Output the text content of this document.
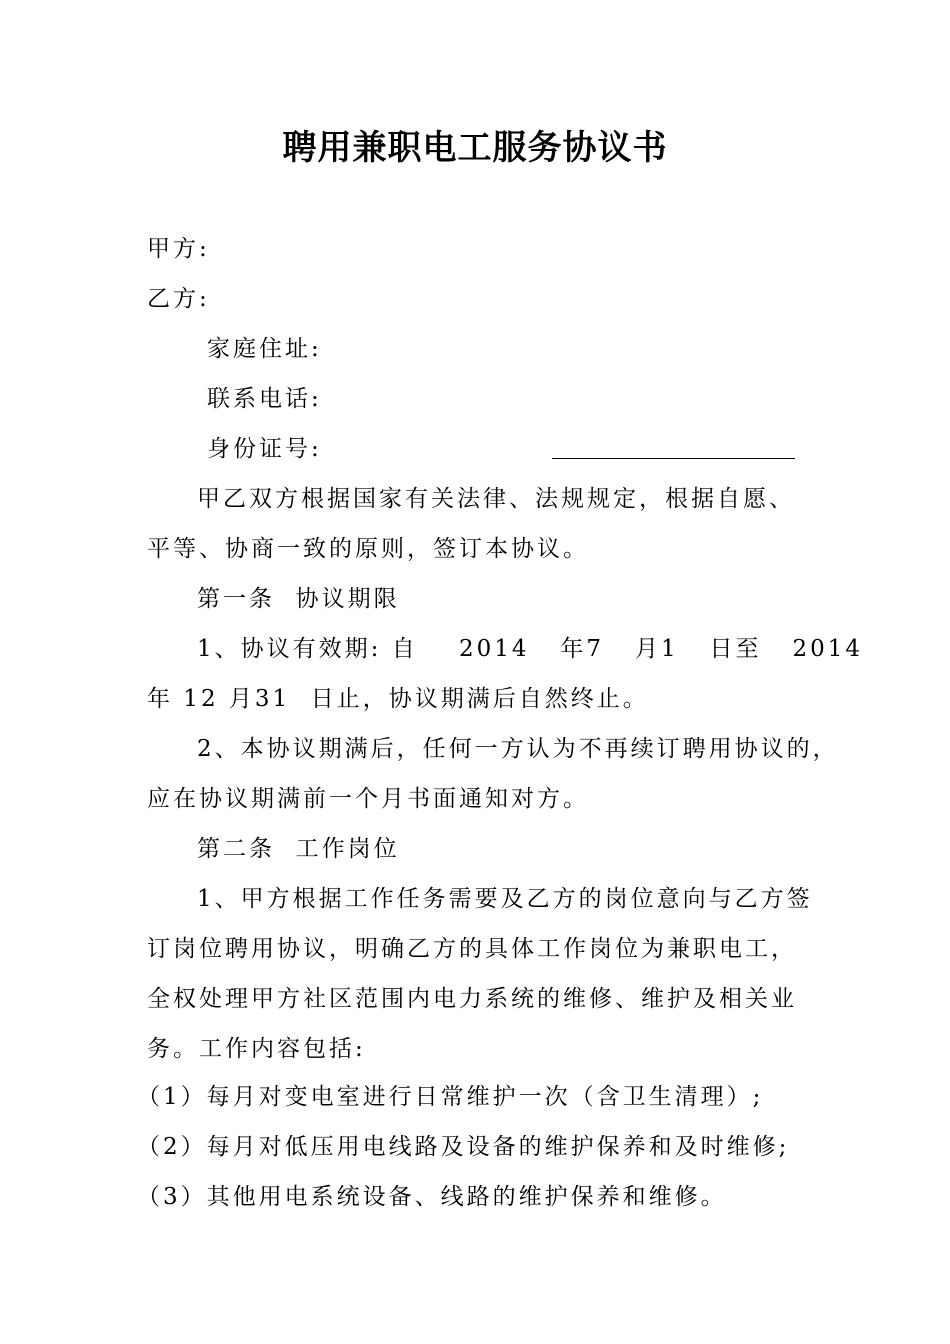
聘用兼职电工服务协议书
甲方:
乙方:
家庭住址:
联系电话:
身份证号:
甲乙双方根据国家有关法律、法规规定，根据自愿、
平等、协商一致的原则，签订本协议。
第一条  协议期限
1、协议有效期: 自    2014   年7   月1   日至   2014
年 12 月31  日止，协议期满后自然终止。
2、本协议期满后，任何一方认为不再续订聘用协议的，
应在协议期满前一个月书面通知对方。
第二条  工作岗位
1、甲方根据工作任务需要及乙方的岗位意向与乙方签
订岗位聘用协议，明确乙方的具体工作岗位为兼职电工，
全权处理甲方社区范围内电力系统的维修、维护及相关业
务。工作内容包括:
（1）每月对变电室进行日常维护一次（含卫生清理）;
（2）每月对低压用电线路及设备的维护保养和及时维修;
（3）其他用电系统设备、线路的维护保养和维修。
